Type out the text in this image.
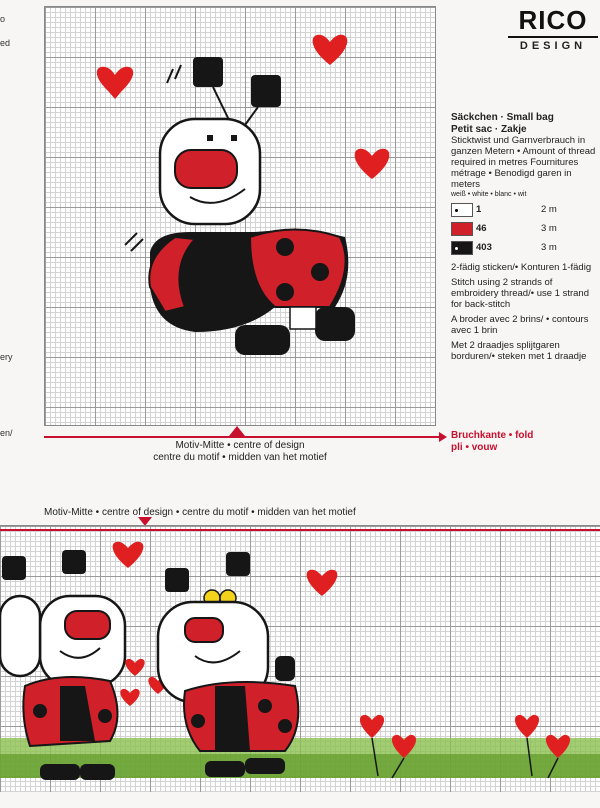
o
ed
ery
en/
Motiv-Mitte • centre of design
centre du motif • midden van het motief
RICO
DESIGN
Säckchen · Small bag
Petit sac · Zakje
Sticktwist und Garnverbrauch in ganzen Metern • Amount of thread required in metres Fournitures métrage • Benodigd garen in meters
weiß • white • blanc • wit
1	2 m
46	3 m
403	3 m

2-fädig sticken/• Konturen 1-fädig

Stitch using 2 strands of embroidery thread/• use 1 strand for back-stitch

A broder avec 2 brins/ • contours avec 1 brin

Met 2 draadjes splijtgaren borduren/• steken met 1 draadje

Bruchkante • fold
pli • vouw
Motiv-Mitte • centre of design • centre du motif • midden van het motief
